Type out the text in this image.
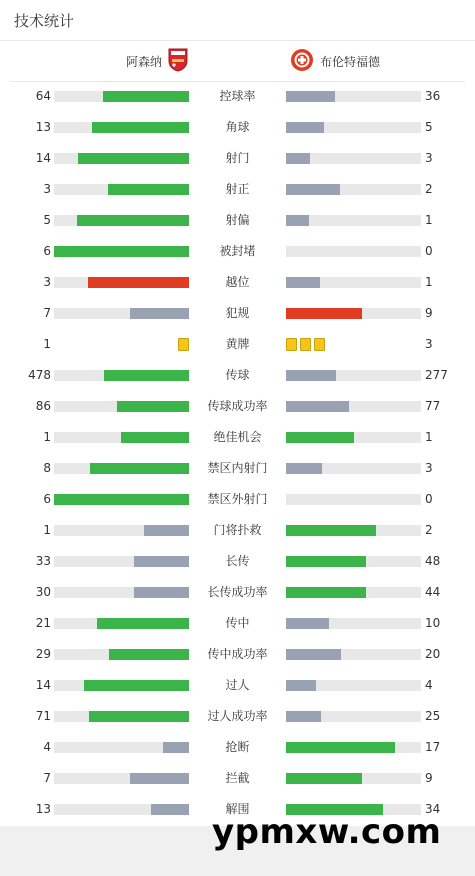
技术统计
阿森纳	布伦特福德
64	控球率	36
13	角球	5
14	射门	3
3	射正	2
5	射偏	1
6	被封堵	0
3	越位	1
7	犯规	9
1	黄牌	3
478	传球	277
86	传球成功率	77
1	绝佳机会	1
8	禁区内射门	3
6	禁区外射门	0
1	门将扑救	2
33	长传	48
30	长传成功率	44
21	传中	10
29	传中成功率	20
14	过人	4
71	过人成功率	25
4	抢断	17
7	拦截	9
13	解围	34
ypmxw.com
